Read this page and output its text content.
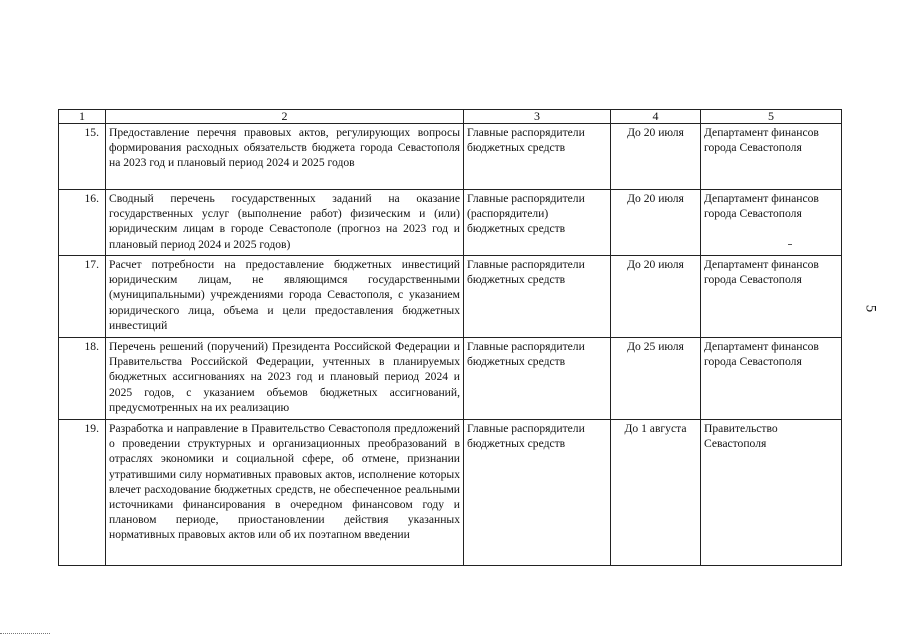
5
1	2	3	4	5
15.	Предоставление перечня правовых актов, регулирующих вопросы формирования расходных обязательств бюджета города Севастополя на 2023 год и плановый период 2024 и 2025 годов	Главные распорядители бюджетных средств	До 20 июля	Департамент финансов города Севастополя
16.	Сводный перечень государственных заданий на оказание государственных услуг (выполнение работ) физическим и (или) юридическим лицам в городе Севастополе (прогноз на 2023 год и плановый период 2024 и 2025 годов)	Главные распорядители (распорядители) бюджетных средств	До 20 июля	Департамент финансов города Севастополя
17.	Расчет потребности на предоставление бюджетных инвестиций юридическим лицам, не являющимся государственными (муниципальными) учреждениями города Севастополя, с указанием юридического лица, объема и цели предоставления бюджетных инвестиций	Главные распорядители бюджетных средств	До 20 июля	Департамент финансов города Севастополя
18.	Перечень решений (поручений) Президента Российской Федерации и Правительства Российской Федерации, учтенных в планируемых бюджетных ассигнованиях на 2023 год и плановый период 2024 и 2025 годов, с указанием объемов бюджетных ассигнований, предусмотренных на их реализацию	Главные распорядители бюджетных средств	До 25 июля	Департамент финансов города Севастополя
19.	Разработка и направление в Правительство Севастополя предложений о проведении структурных и организационных преобразований в отраслях экономики и социальной сфере, об отмене, признании утратившими силу нормативных правовых актов, исполнение которых влечет расходование бюджетных средств, не обеспеченное реальными источниками финансирования в очередном финансовом году и плановом периоде, приостановлении действия указанных нормативных правовых актов или об их поэтапном введении	Главные распорядители бюджетных средств	До 1 августа	Правительство Севастополя
